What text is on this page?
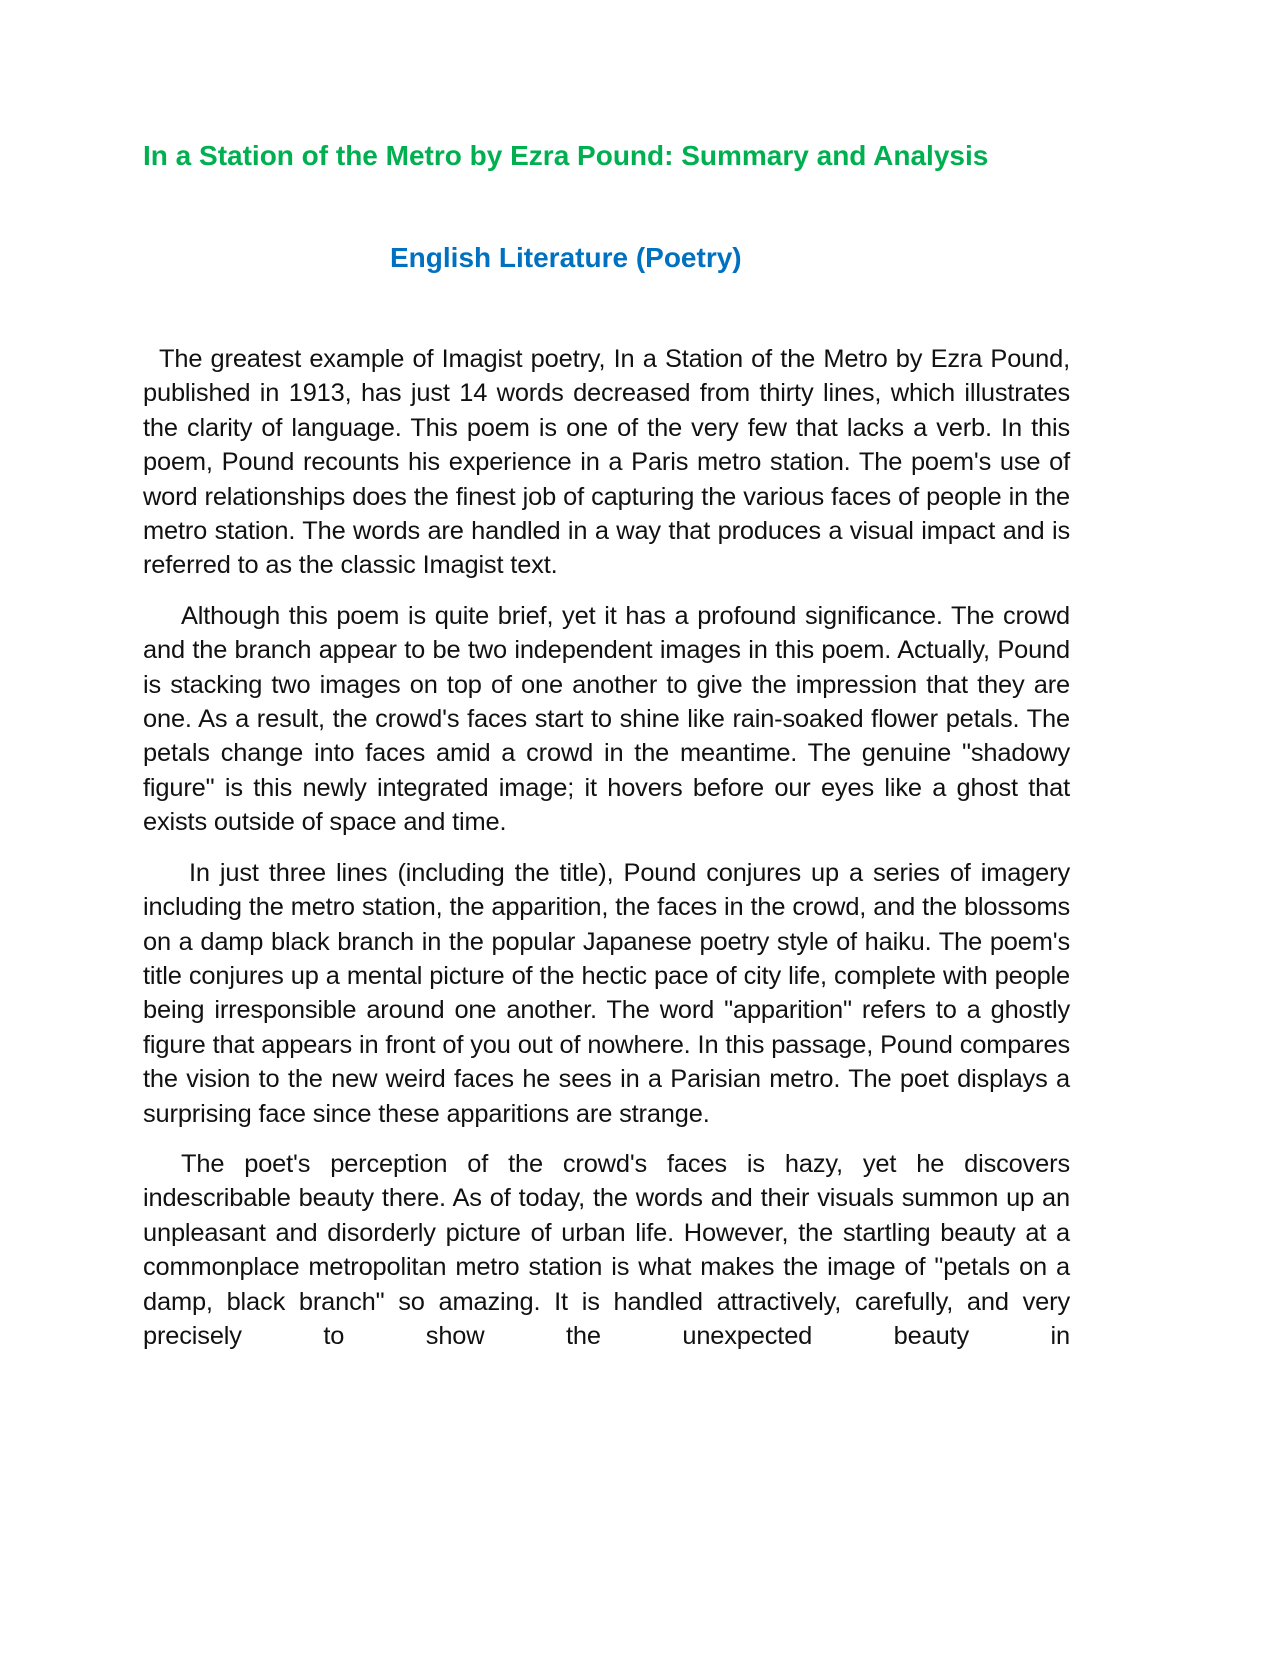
In a Station of the Metro by Ezra Pound: Summary and Analysis
English Literature (Poetry)

The greatest example of Imagist poetry, In a Station of the Metro by Ezra Pound, published in 1913, has just 14 words decreased from thirty lines, which illustrates the clarity of language. This poem is one of the very few that lacks a verb. In this poem, Pound recounts his experience in a Paris metro station. The poem's use of word relationships does the finest job of capturing the various faces of people in the metro station. The words are handled in a way that produces a visual impact and is referred to as the classic Imagist text.

Although this poem is quite brief, yet it has a profound significance. The crowd and the branch appear to be two independent images in this poem. Actually, Pound is stacking two images on top of one another to give the impression that they are one. As a result, the crowd's faces start to shine like rain-soaked flower petals. The petals change into faces amid a crowd in the meantime. The genuine "shadowy figure" is this newly integrated image; it hovers before our eyes like a ghost that exists outside of space and time.

In just three lines (including the title), Pound conjures up a series of imagery including the metro station, the apparition, the faces in the crowd, and the blossoms on a damp black branch in the popular Japanese poetry style of haiku. The poem's title conjures up a mental picture of the hectic pace of city life, complete with people being irresponsible around one another. The word "apparition" refers to a ghostly figure that appears in front of you out of nowhere. In this passage, Pound compares the vision to the new weird faces he sees in a Parisian metro. The poet displays a surprising face since these apparitions are strange.

The poet's perception of the crowd's faces is hazy, yet he discovers indescribable beauty there. As of today, the words and their visuals summon up an unpleasant and disorderly picture of urban life. However, the startling beauty at a commonplace metropolitan metro station is what makes the image of "petals on a damp, black branch" so amazing. It is handled attractively, carefully, and very precisely to show the unexpected beauty in
